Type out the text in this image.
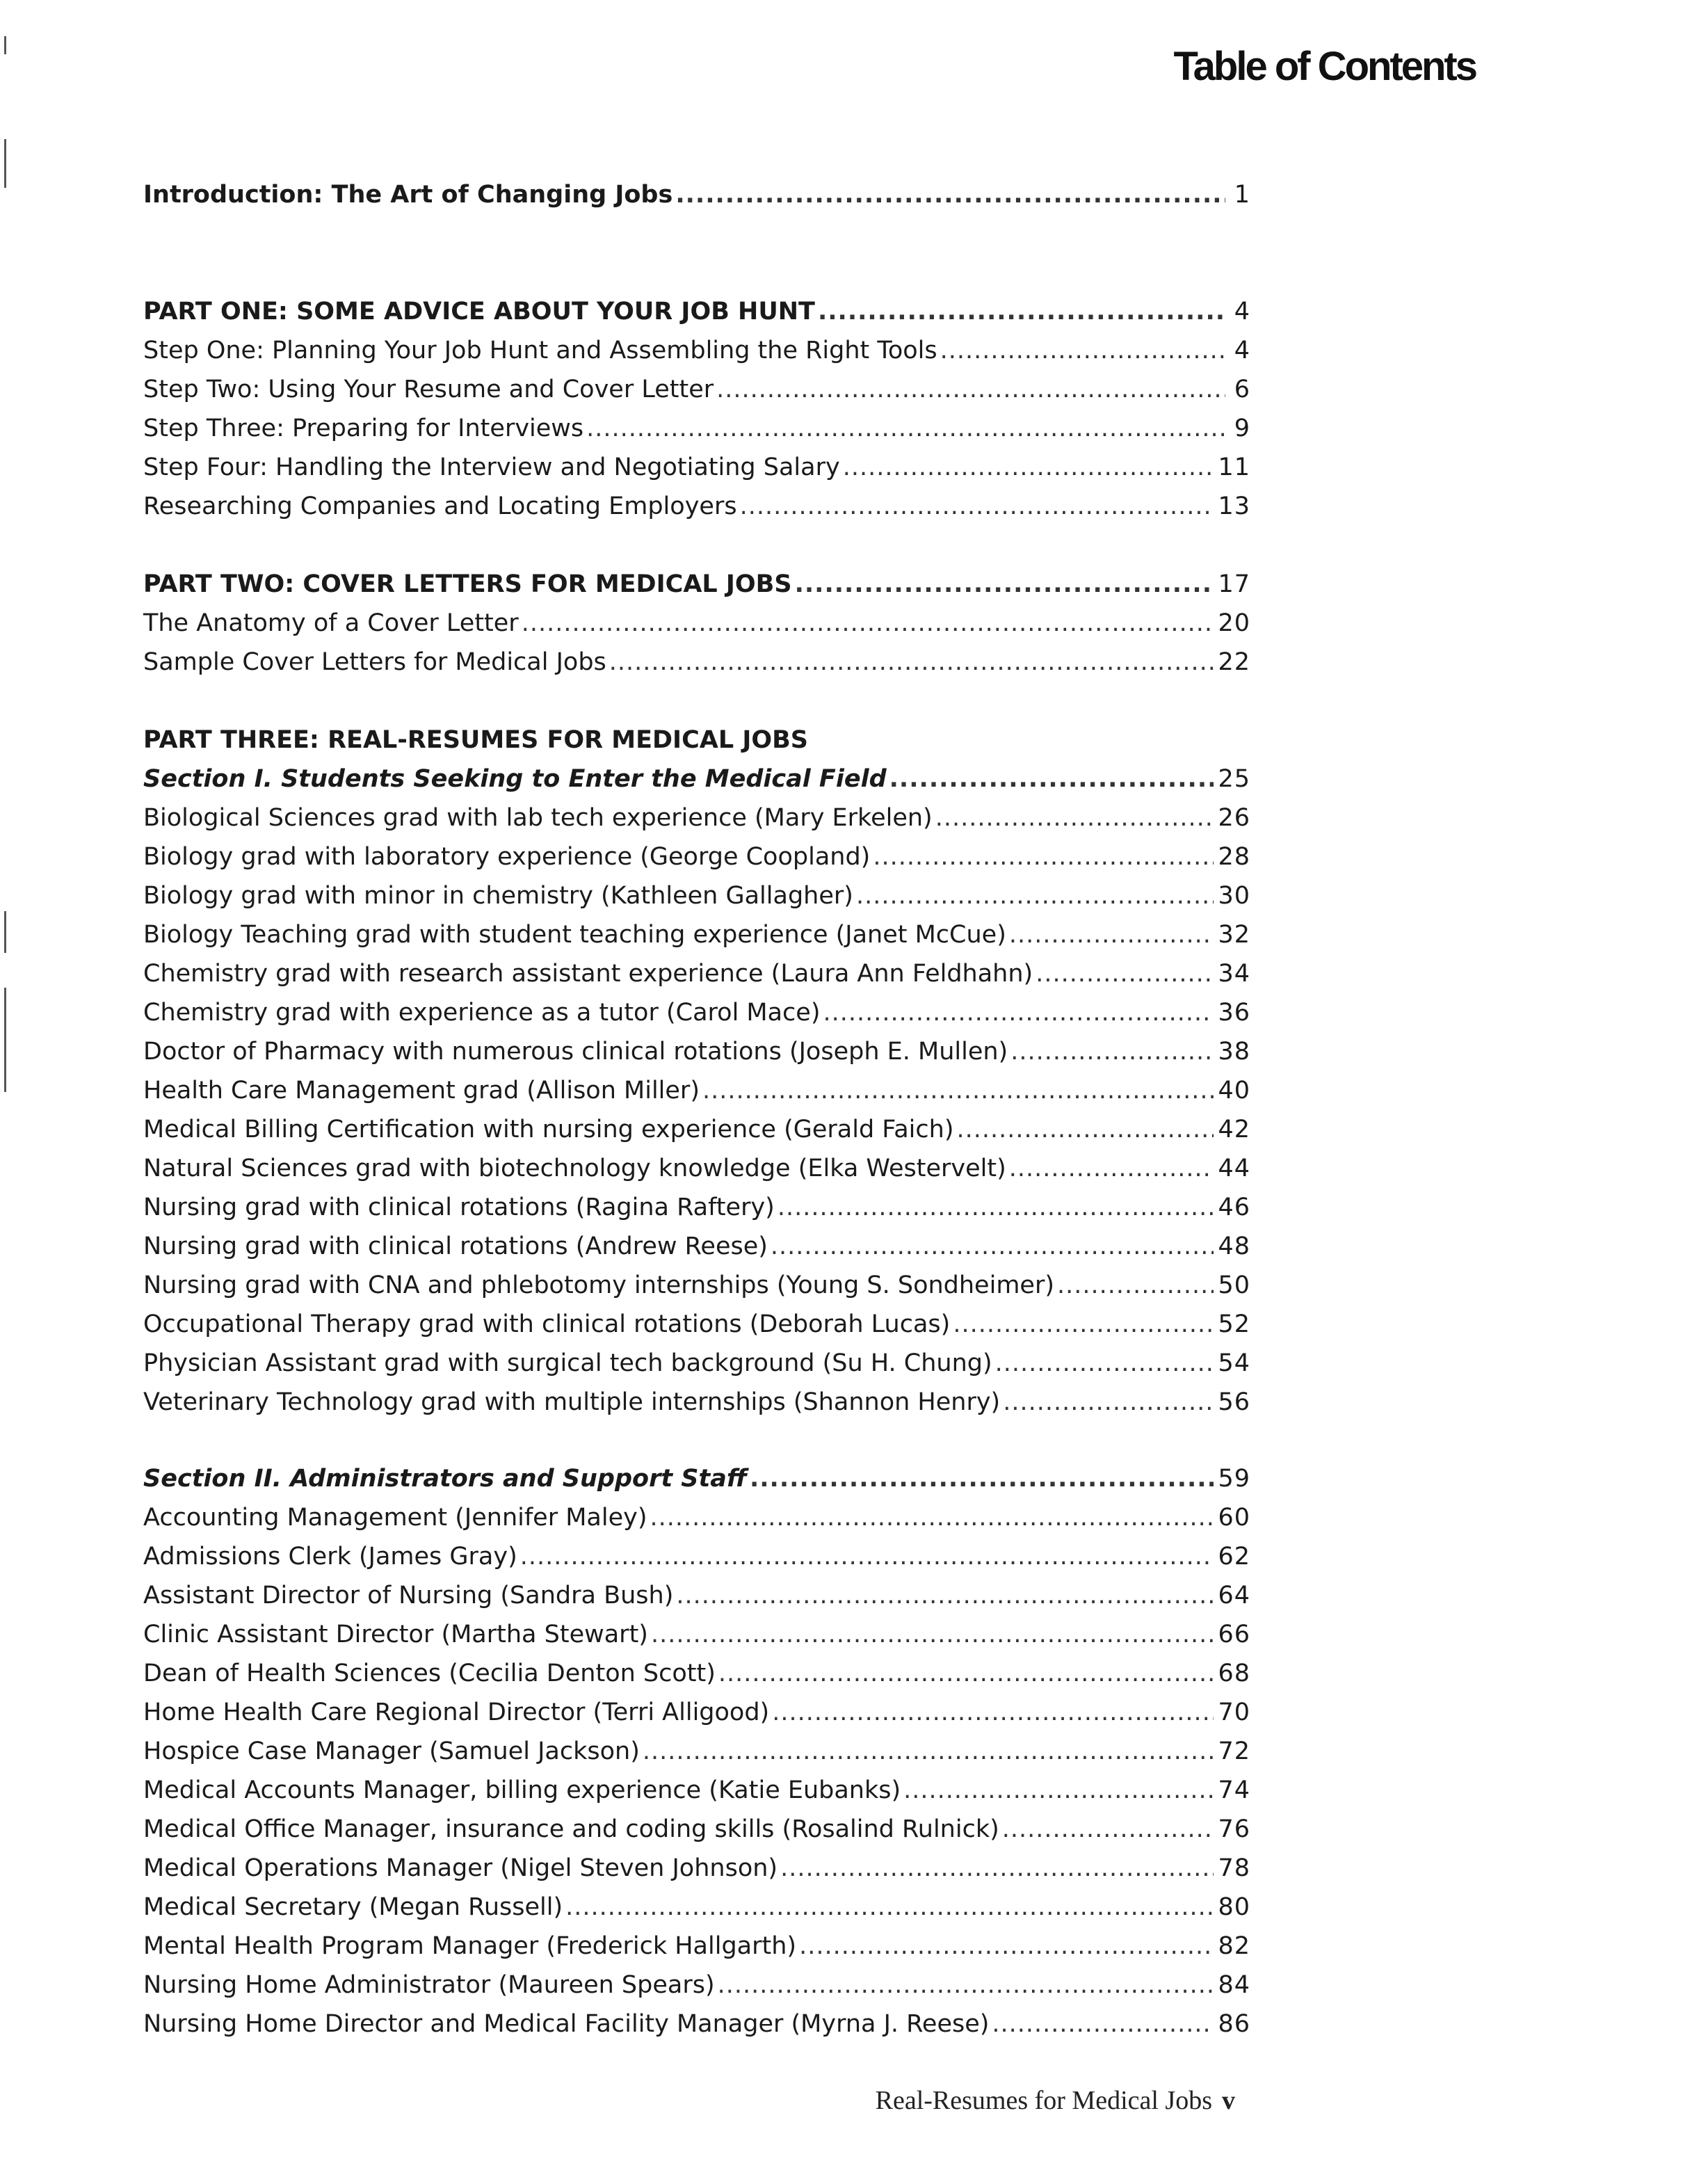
Table of Contents
Introduction: The Art of Changing Jobs .....	1
PART ONE: SOME ADVICE ABOUT YOUR JOB HUNT .....	4
Step One: Planning Your Job Hunt and Assembling the Right Tools .....	4
Step Two: Using Your Resume and Cover Letter .....	6
Step Three: Preparing for Interviews .....	9
Step Four: Handling the Interview and Negotiating Salary .....	11
Researching Companies and Locating Employers .....	13
PART TWO: COVER LETTERS FOR MEDICAL JOBS .....	17
The Anatomy of a Cover Letter .....	20
Sample Cover Letters for Medical Jobs .....	22
PART THREE: REAL-RESUMES FOR MEDICAL JOBS
Section I. Students Seeking to Enter the Medical Field .....	25
Biological Sciences grad with lab tech experience (Mary Erkelen) .....	26
Biology grad with laboratory experience (George Coopland) .....	28
Biology grad with minor in chemistry (Kathleen Gallagher) .....	30
Biology Teaching grad with student teaching experience (Janet McCue) .....	32
Chemistry grad with research assistant experience (Laura Ann Feldhahn) .....	34
Chemistry grad with experience as a tutor (Carol Mace) .....	36
Doctor of Pharmacy with numerous clinical rotations (Joseph E. Mullen) .....	38
Health Care Management grad (Allison Miller) .....	40
Medical Billing Certification with nursing experience (Gerald Faich) .....	42
Natural Sciences grad with biotechnology knowledge (Elka Westervelt) .....	44
Nursing grad with clinical rotations (Ragina Raftery) .....	46
Nursing grad with clinical rotations (Andrew Reese) .....	48
Nursing grad with CNA and phlebotomy internships (Young S. Sondheimer) .....	50
Occupational Therapy grad with clinical rotations (Deborah Lucas) .....	52
Physician Assistant grad with surgical tech background (Su H. Chung) .....	54
Veterinary Technology grad with multiple internships (Shannon Henry) .....	56
Section II. Administrators and Support Staff .....	59
Accounting Management (Jennifer Maley) .....	60
Admissions Clerk (James Gray) .....	62
Assistant Director of Nursing (Sandra Bush) .....	64
Clinic Assistant Director (Martha Stewart) .....	66
Dean of Health Sciences (Cecilia Denton Scott) .....	68
Home Health Care Regional Director (Terri Alligood) .....	70
Hospice Case Manager (Samuel Jackson) .....	72
Medical Accounts Manager, billing experience (Katie Eubanks) .....	74
Medical Office Manager, insurance and coding skills (Rosalind Rulnick) .....	76
Medical Operations Manager (Nigel Steven Johnson) .....	78
Medical Secretary (Megan Russell) .....	80
Mental Health Program Manager (Frederick Hallgarth) .....	82
Nursing Home Administrator (Maureen Spears) .....	84
Nursing Home Director and Medical Facility Manager (Myrna J. Reese) .....	86
Real-Resumes for Medical Jobs v
